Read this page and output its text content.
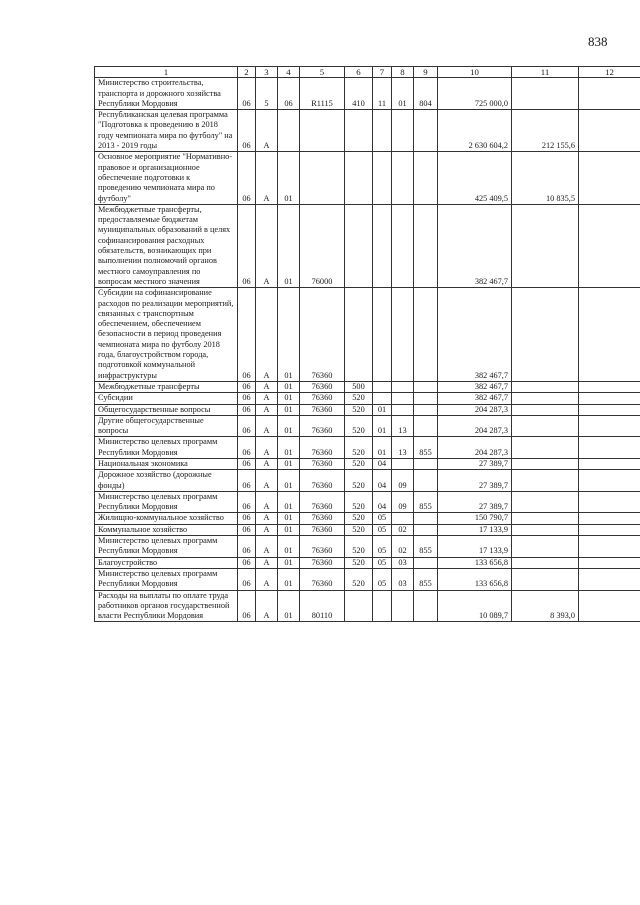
838
1	2	3	4	5	6	7	8	9	10	11	12
Министерство строительства, транспорта и дорожного хозяйства Республики Мордовия	06	5	06	R1115	410	11	01	804	725 000,0		
Республиканская целевая программа "Подготовка к проведению в 2018 году чемпионата мира по футболу" на 2013 - 2019 годы	06	А							2 630 604,2	212 155,6	
Основное мероприятие "Нормативно-правовое и организационное обеспечение подготовки к проведению чемпионата мира по футболу"	06	А	01						425 409,5	10 835,5	
Межбюджетные трансферты, предоставляемые бюджетам муниципальных образований в целях софинансирования расходных обязательств, возникающих при выполнении полномочий органов местного самоуправления по вопросам местного значения	06	А	01	76000					382 467,7		
Субсидии на софинансирование расходов по реализации мероприятий, связанных с транспортным обеспечением, обеспечением безопасности в период проведения чемпионата мира по футболу 2018 года, благоустройством города, подготовкой коммунальной инфраструктуры	06	А	01	76360					382 467,7		
Межбюджетные трансферты	06	А	01	76360	500				382 467,7		
Субсидии	06	А	01	76360	520				382 467,7		
Общегосударственные вопросы	06	А	01	76360	520	01			204 287,3		
Другие общегосударственные вопросы	06	А	01	76360	520	01	13		204 287,3		
Министерство целевых программ Республики Мордовия	06	А	01	76360	520	01	13	855	204 287,3		
Национальная экономика	06	А	01	76360	520	04			27 389,7		
Дорожное хозяйство (дорожные фонды)	06	А	01	76360	520	04	09		27 389,7		
Министерство целевых программ Республики Мордовия	06	А	01	76360	520	04	09	855	27 389,7		
Жилищно-коммунальное хозяйство	06	А	01	76360	520	05			150 790,7		
Коммунальное хозяйство	06	А	01	76360	520	05	02		17 133,9		
Министерство целевых программ Республики Мордовия	06	А	01	76360	520	05	02	855	17 133,9		
Благоустройство	06	А	01	76360	520	05	03		133 656,8		
Министерство целевых программ Республики Мордовия	06	А	01	76360	520	05	03	855	133 656,8		
Расходы на выплаты по оплате труда работников органов государственной власти Республики Мордовия	06	А	01	80110					10 089,7	8 393,0	
